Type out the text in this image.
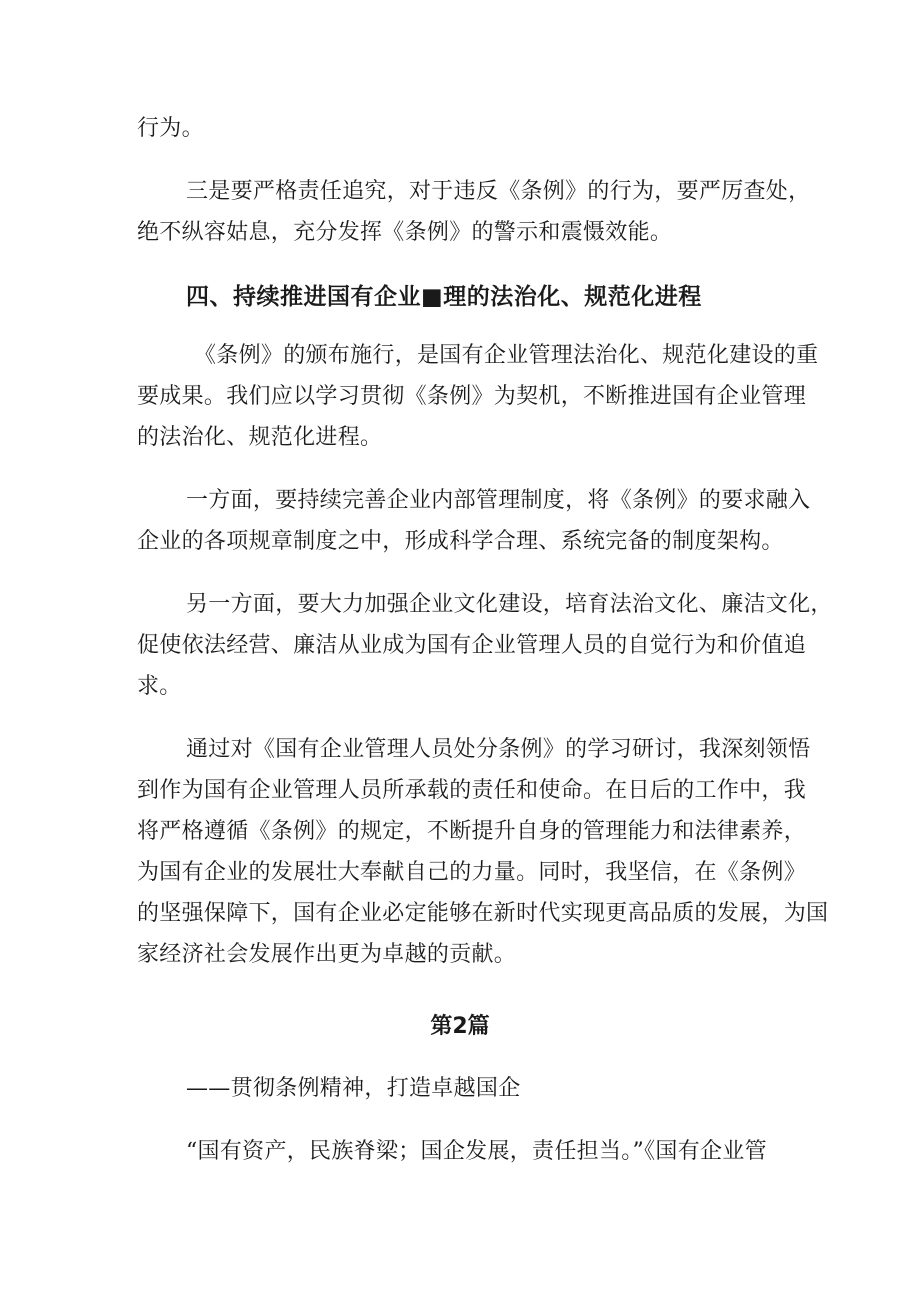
行为。
三是要严格责任追究，对于违反《条例》的行为，要严厉查处，
绝不纵容姑息，充分发挥《条例》的警示和震慑效能。
四、持续推进国有企业■理的法治化、规范化进程
《条例》的颁布施行，是国有企业管理法治化、规范化建设的重
要成果。我们应以学习贯彻《条例》为契机，不断推进国有企业管理
的法治化、规范化进程。
一方面，要持续完善企业内部管理制度，将《条例》的要求融入
企业的各项规章制度之中，形成科学合理、系统完备的制度架构。
另一方面，要大力加强企业文化建设，培育法治文化、廉洁文化，
促使依法经营、廉洁从业成为国有企业管理人员的自觉行为和价值追
求。
通过对《国有企业管理人员处分条例》的学习研讨，我深刻领悟
到作为国有企业管理人员所承载的责任和使命。在日后的工作中，我
将严格遵循《条例》的规定，不断提升自身的管理能力和法律素养，
为国有企业的发展壮大奉献自己的力量。同时，我坚信，在《条例》
的坚强保障下，国有企业必定能够在新时代实现更高品质的发展，为国
家经济社会发展作出更为卓越的贡献。
第2篇
——贯彻条例精神，打造卓越国企
“国有资产，民族脊梁；国企发展，责任担当。”《国有企业管
